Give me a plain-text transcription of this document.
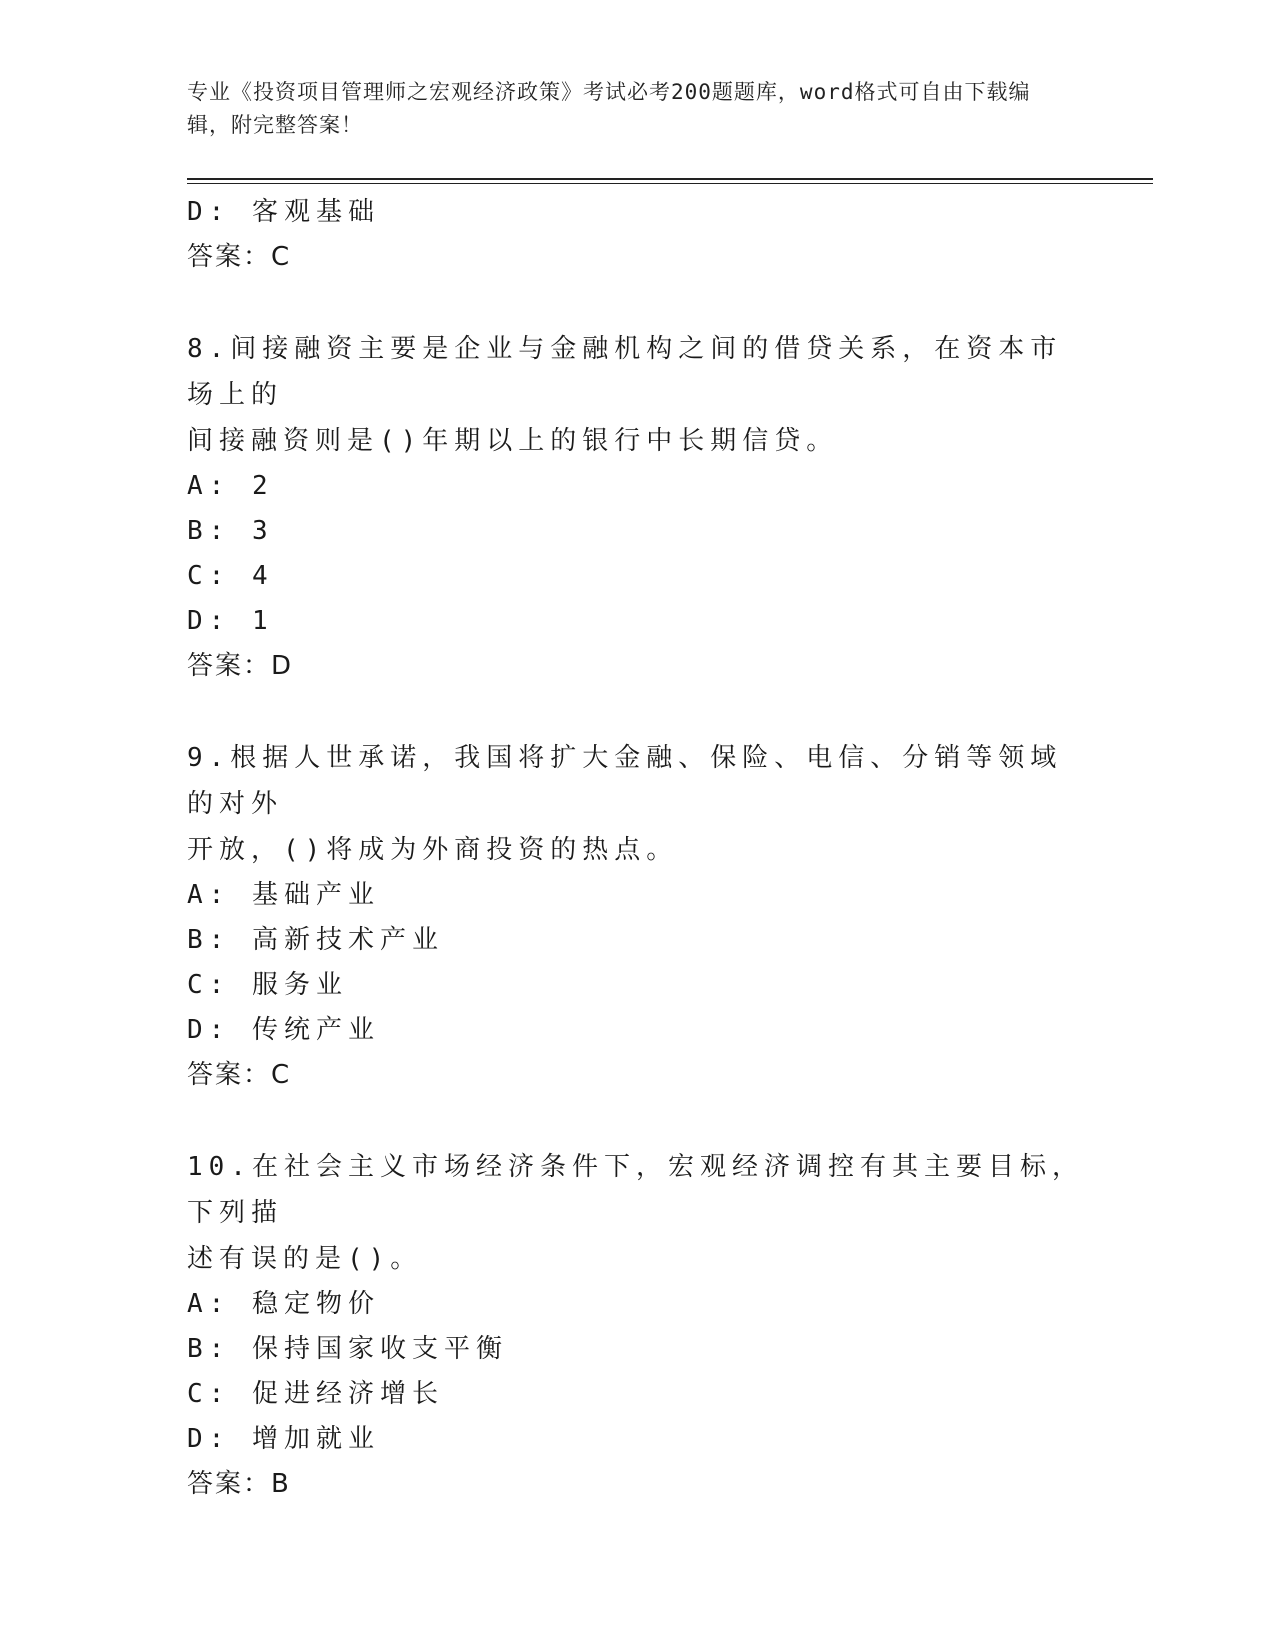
专业《投资项目管理师之宏观经济政策》考试必考200题题库，word格式可自由下载编辑，附完整答案！
D: 客观基础
答案：C
8.间接融资主要是企业与金融机构之间的借贷关系，在资本市场上的
间接融资则是()年期以上的银行中长期信贷。
A: 2
B: 3
C: 4
D: 1
答案：D
9.根据人世承诺，我国将扩大金融、保险、电信、分销等领域的对外
开放，()将成为外商投资的热点。
A: 基础产业
B: 高新技术产业
C: 服务业
D: 传统产业
答案：C
10.在社会主义市场经济条件下，宏观经济调控有其主要目标，下列描
述有误的是()。
A: 稳定物价
B: 保持国家收支平衡
C: 促进经济增长
D: 增加就业
答案：B
